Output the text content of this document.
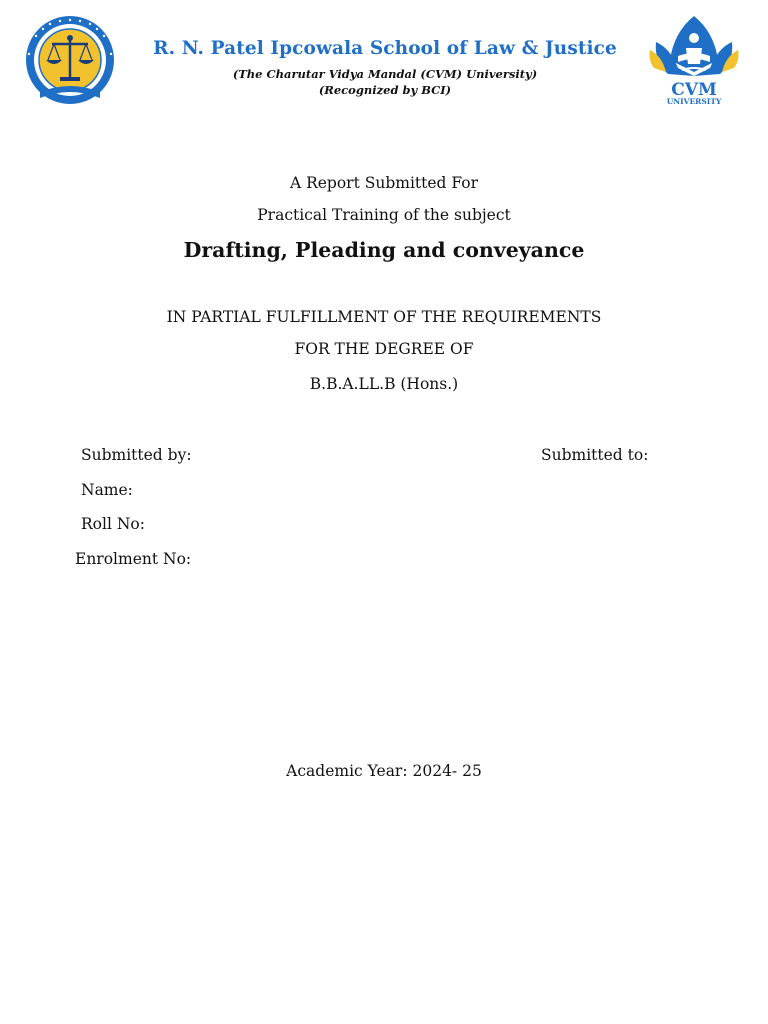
R. N. Patel Ipcowala School of Law & Justice
(The Charutar Vidya Mandal (CVM) University)
(Recognized by BCI)	CVM
UNIVERSITY
A Report Submitted For
Practical Training of the subject
Drafting, Pleading and conveyance
IN PARTIAL FULFILLMENT OF THE REQUIREMENTS
FOR THE DEGREE OF
B.B.A.LL.B (Hons.)
Submitted by:	Submitted to:
Name:
Roll No:
Enrolment No:
Academic Year: 2024- 25
